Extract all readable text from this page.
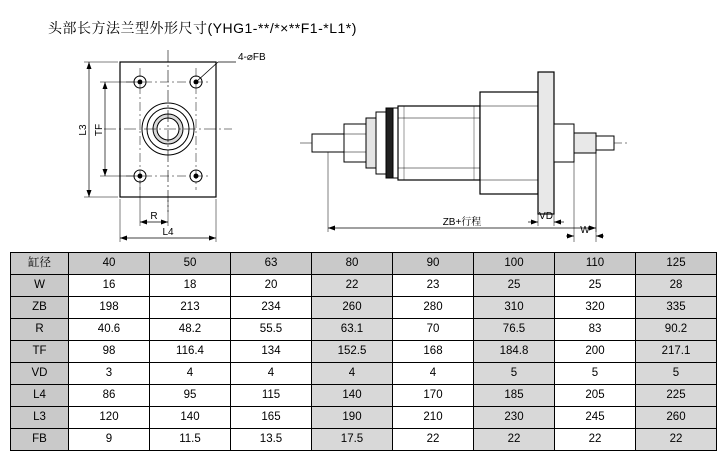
头部长方法兰型外形尺寸(YHG1-**/*×**F1-*L1*)
4-⌀FB
L3 TF
R
L4
VD
W
ZB+行程
缸径	40	50	63	80	90	100	110	125
W	16	18	20	22	23	25	25	28
ZB	198	213	234	260	280	310	320	335
R	40.6	48.2	55.5	63.1	70	76.5	83	90.2
TF	98	116.4	134	152.5	168	184.8	200	217.1
VD	3	4	4	4	4	5	5	5
L4	86	95	115	140	170	185	205	225
L3	120	140	165	190	210	230	245	260
FB	9	11.5	13.5	17.5	22	22	22	22
